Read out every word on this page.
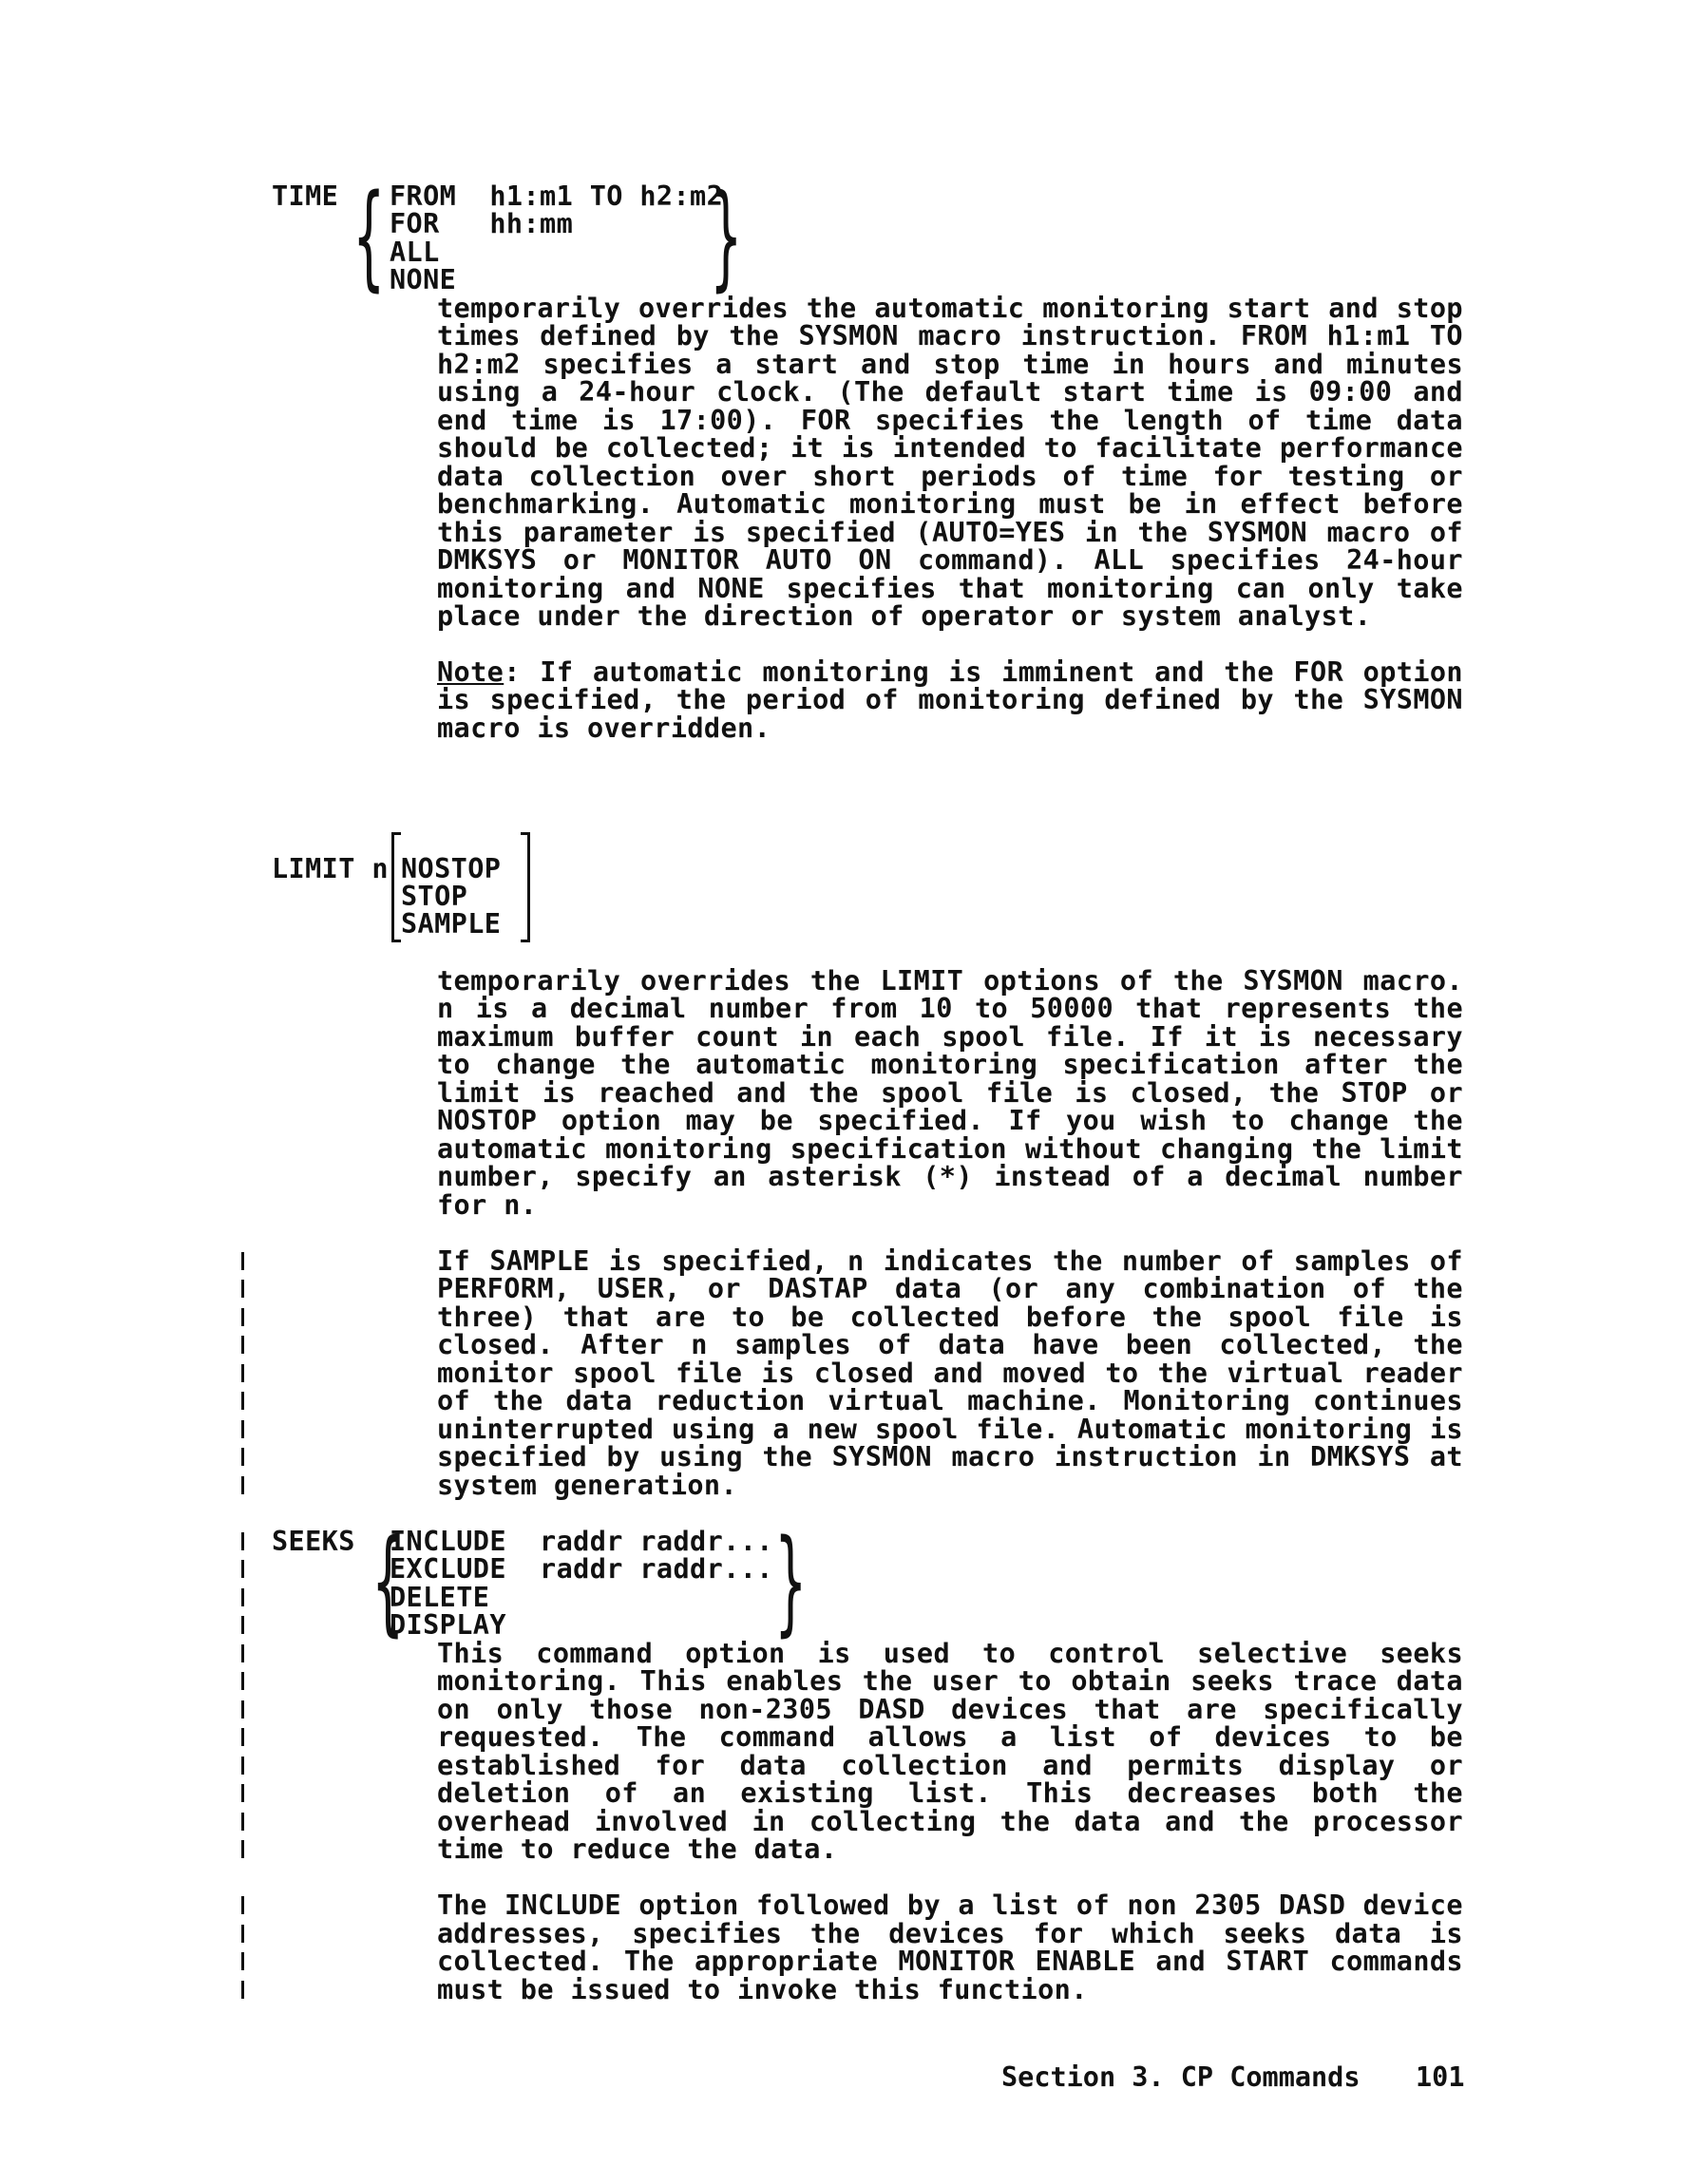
TIME { FROM  h1:m1 TO h2:m2
FOR   hh:mm
ALL
NONE }
temporarily overrides the automatic monitoring start and stop
times defined by the SYSMON macro instruction. FROM h1:m1 TO
h2:m2 specifies a start and stop time in hours and minutes
using a 24-hour clock. (The default start time is 09:00 and
end time is 17:00). FOR specifies the length of time data
should be collected; it is intended to facilitate performance
data collection over short periods of time for testing or
benchmarking. Automatic monitoring must be in effect before
this parameter is specified (AUTO=YES in the SYSMON macro of
DMKSYS or MONITOR AUTO ON command). ALL specifies 24-hour
monitoring and NONE specifies that monitoring can only take
place under the direction of operator or system analyst.
Note: If automatic monitoring is imminent and the FOR option
is specified, the period of monitoring defined by the SYSMON
macro is overridden.
LIMIT n NOSTOP
STOP
SAMPLE
temporarily overrides the LIMIT options of the SYSMON macro.
n is a decimal number from 10 to 50000 that represents the
maximum buffer count in each spool file. If it is necessary
to change the automatic monitoring specification after the
limit is reached and the spool file is closed, the STOP or
NOSTOP option may be specified. If you wish to change the
automatic monitoring specification without changing the limit
number, specify an asterisk (*) instead of a decimal number
for n.
If SAMPLE is specified, n indicates the number of samples of
PERFORM, USER, or DASTAP data (or any combination of the
three) that are to be collected before the spool file is
closed. After n samples of data have been collected, the
monitor spool file is closed and moved to the virtual reader
of the data reduction virtual machine. Monitoring continues
uninterrupted using a new spool file. Automatic monitoring is
specified by using the SYSMON macro instruction in DMKSYS at
system generation.
SEEKS {
INCLUDE  raddr raddr...
EXCLUDE  raddr raddr...
DELETE
DISPLAY }
This command option is used to control selective seeks
monitoring. This enables the user to obtain seeks trace data
on only those non-2305 DASD devices that are specifically
requested. The command allows a list of devices to be
established for data collection and permits display or
deletion of an existing list. This decreases both the
overhead involved in collecting the data and the processor
time to reduce the data.
The INCLUDE option followed by a list of non 2305 DASD device
addresses, specifies the devices for which seeks data is
collected. The appropriate MONITOR ENABLE and START commands
must be issued to invoke this function.
Section 3. CP Commands 101
